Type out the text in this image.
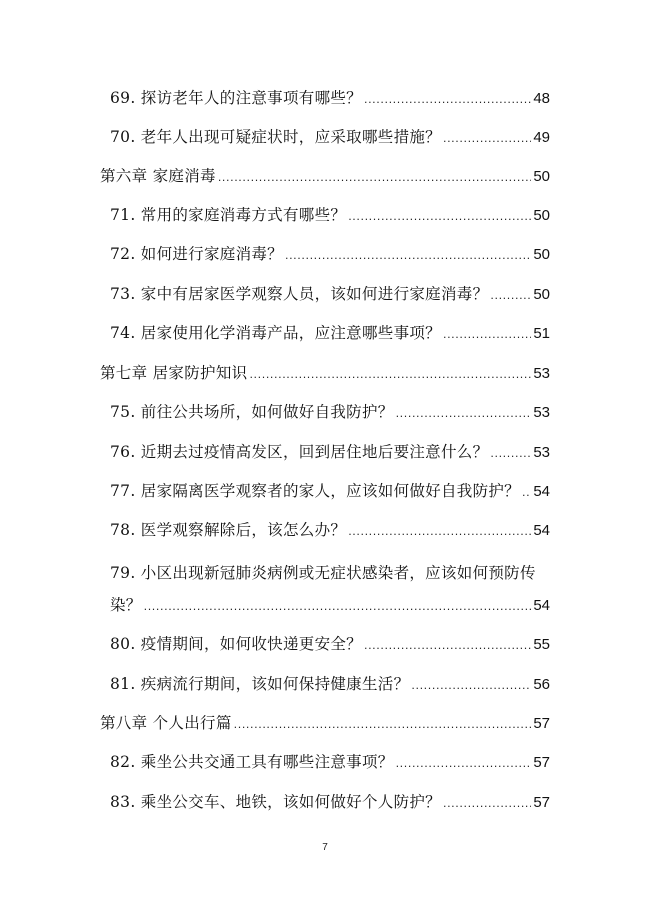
69. 探访老年人的注意事项有哪些？ .....	48
70. 老年人出现可疑症状时，应采取哪些措施？ .....	49
第六章 家庭消毒 .....	50
71. 常用的家庭消毒方式有哪些？ .....	50
72. 如何进行家庭消毒？ .....	50
73. 家中有居家医学观察人员，该如何进行家庭消毒？ .....	50
74. 居家使用化学消毒产品，应注意哪些事项？ .....	51
第七章 居家防护知识 .....	53
75. 前往公共场所，如何做好自我防护？ .....	53
76. 近期去过疫情高发区，回到居住地后要注意什么？ .....	53
77. 居家隔离医学观察者的家人，应该如何做好自我防护？ ..... 54
78. 医学观察解除后，该怎么办？ .....	54
79. 小区出现新冠肺炎病例或无症状感染者，应该如何预防传
染？ .....	54
80. 疫情期间，如何收快递更安全？ .....	55
81. 疾病流行期间，该如何保持健康生活？ .....	56
第八章 个人出行篇 .....	57
82. 乘坐公共交通工具有哪些注意事项？ .....	57
83. 乘坐公交车、地铁，该如何做好个人防护？ .....	57
7
